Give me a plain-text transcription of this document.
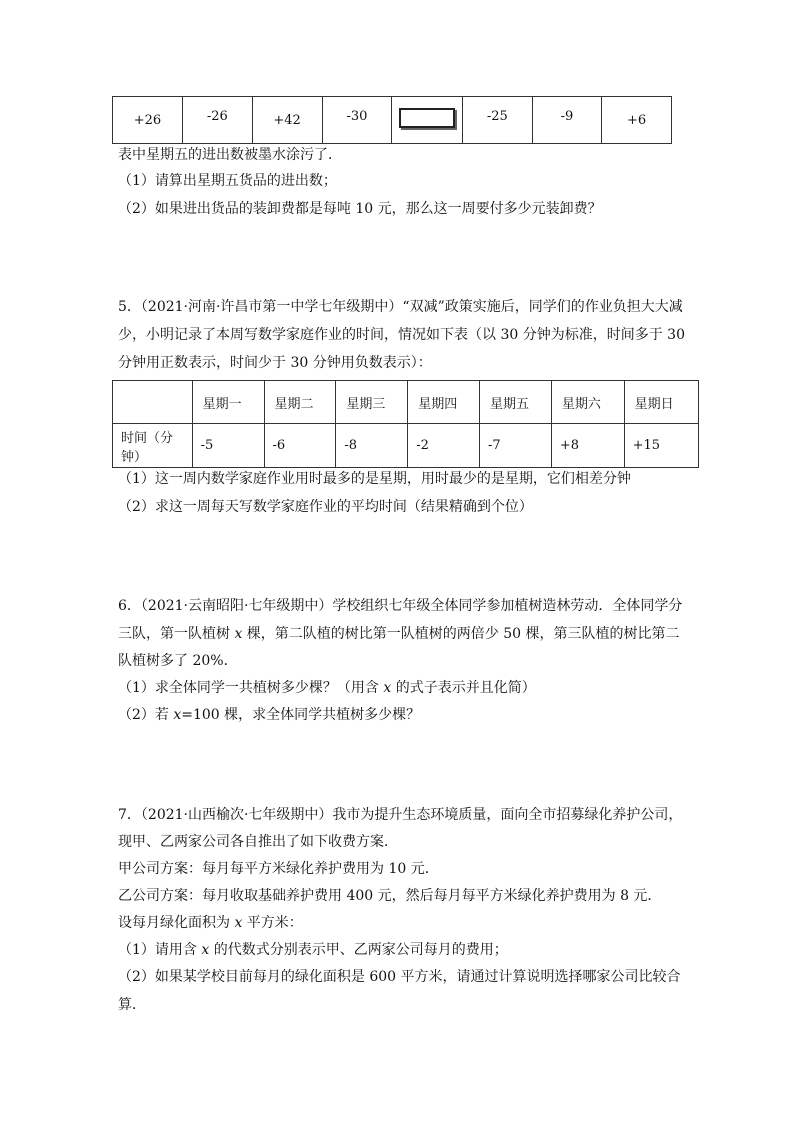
+26	-26	+42	-30		-25	-9	+6
表中星期五的进出数被墨水涂污了．
（1）请算出星期五货品的进出数；
（2）如果进出货品的装卸费都是每吨 10 元，那么这一周要付多少元装卸费？
5．（2021·河南·许昌市第一中学七年级期中）“双减”政策实施后，同学们的作业负担大大减
少，小明记录了本周写数学家庭作业的时间，情况如下表（以 30 分钟为标准，时间多于 30
分钟用正数表示，时间少于 30 分钟用负数表示）：
	星期一	星期二	星期三	星期四	星期五	星期六	星期日
时间（分钟）	-5	-6	-8	-2	-7	+8	+15
（1）这一周内数学家庭作业用时最多的是星期，用时最少的是星期，它们相差分钟
（2）求这一周每天写数学家庭作业的平均时间（结果精确到个位）
6．（2021·云南昭阳·七年级期中）学校组织七年级全体同学参加植树造林劳动．全体同学分
三队，第一队植树 x 棵，第二队植的树比第一队植树的两倍少 50 棵，第三队植的树比第二
队植树多了 20%．
（1）求全体同学一共植树多少棵？（用含 x 的式子表示并且化简）
（2）若 x=100 棵，求全体同学共植树多少棵？
7．（2021·山西榆次·七年级期中）我市为提升生态环境质量，面向全市招募绿化养护公司，
现甲、乙两家公司各自推出了如下收费方案．
甲公司方案：每月每平方米绿化养护费用为 10 元．
乙公司方案：每月收取基础养护费用 400 元，然后每月每平方米绿化养护费用为 8 元．
设每月绿化面积为 x 平方米：
（1）请用含 x 的代数式分别表示甲、乙两家公司每月的费用；
（2）如果某学校目前每月的绿化面积是 600 平方米，请通过计算说明选择哪家公司比较合
算．
